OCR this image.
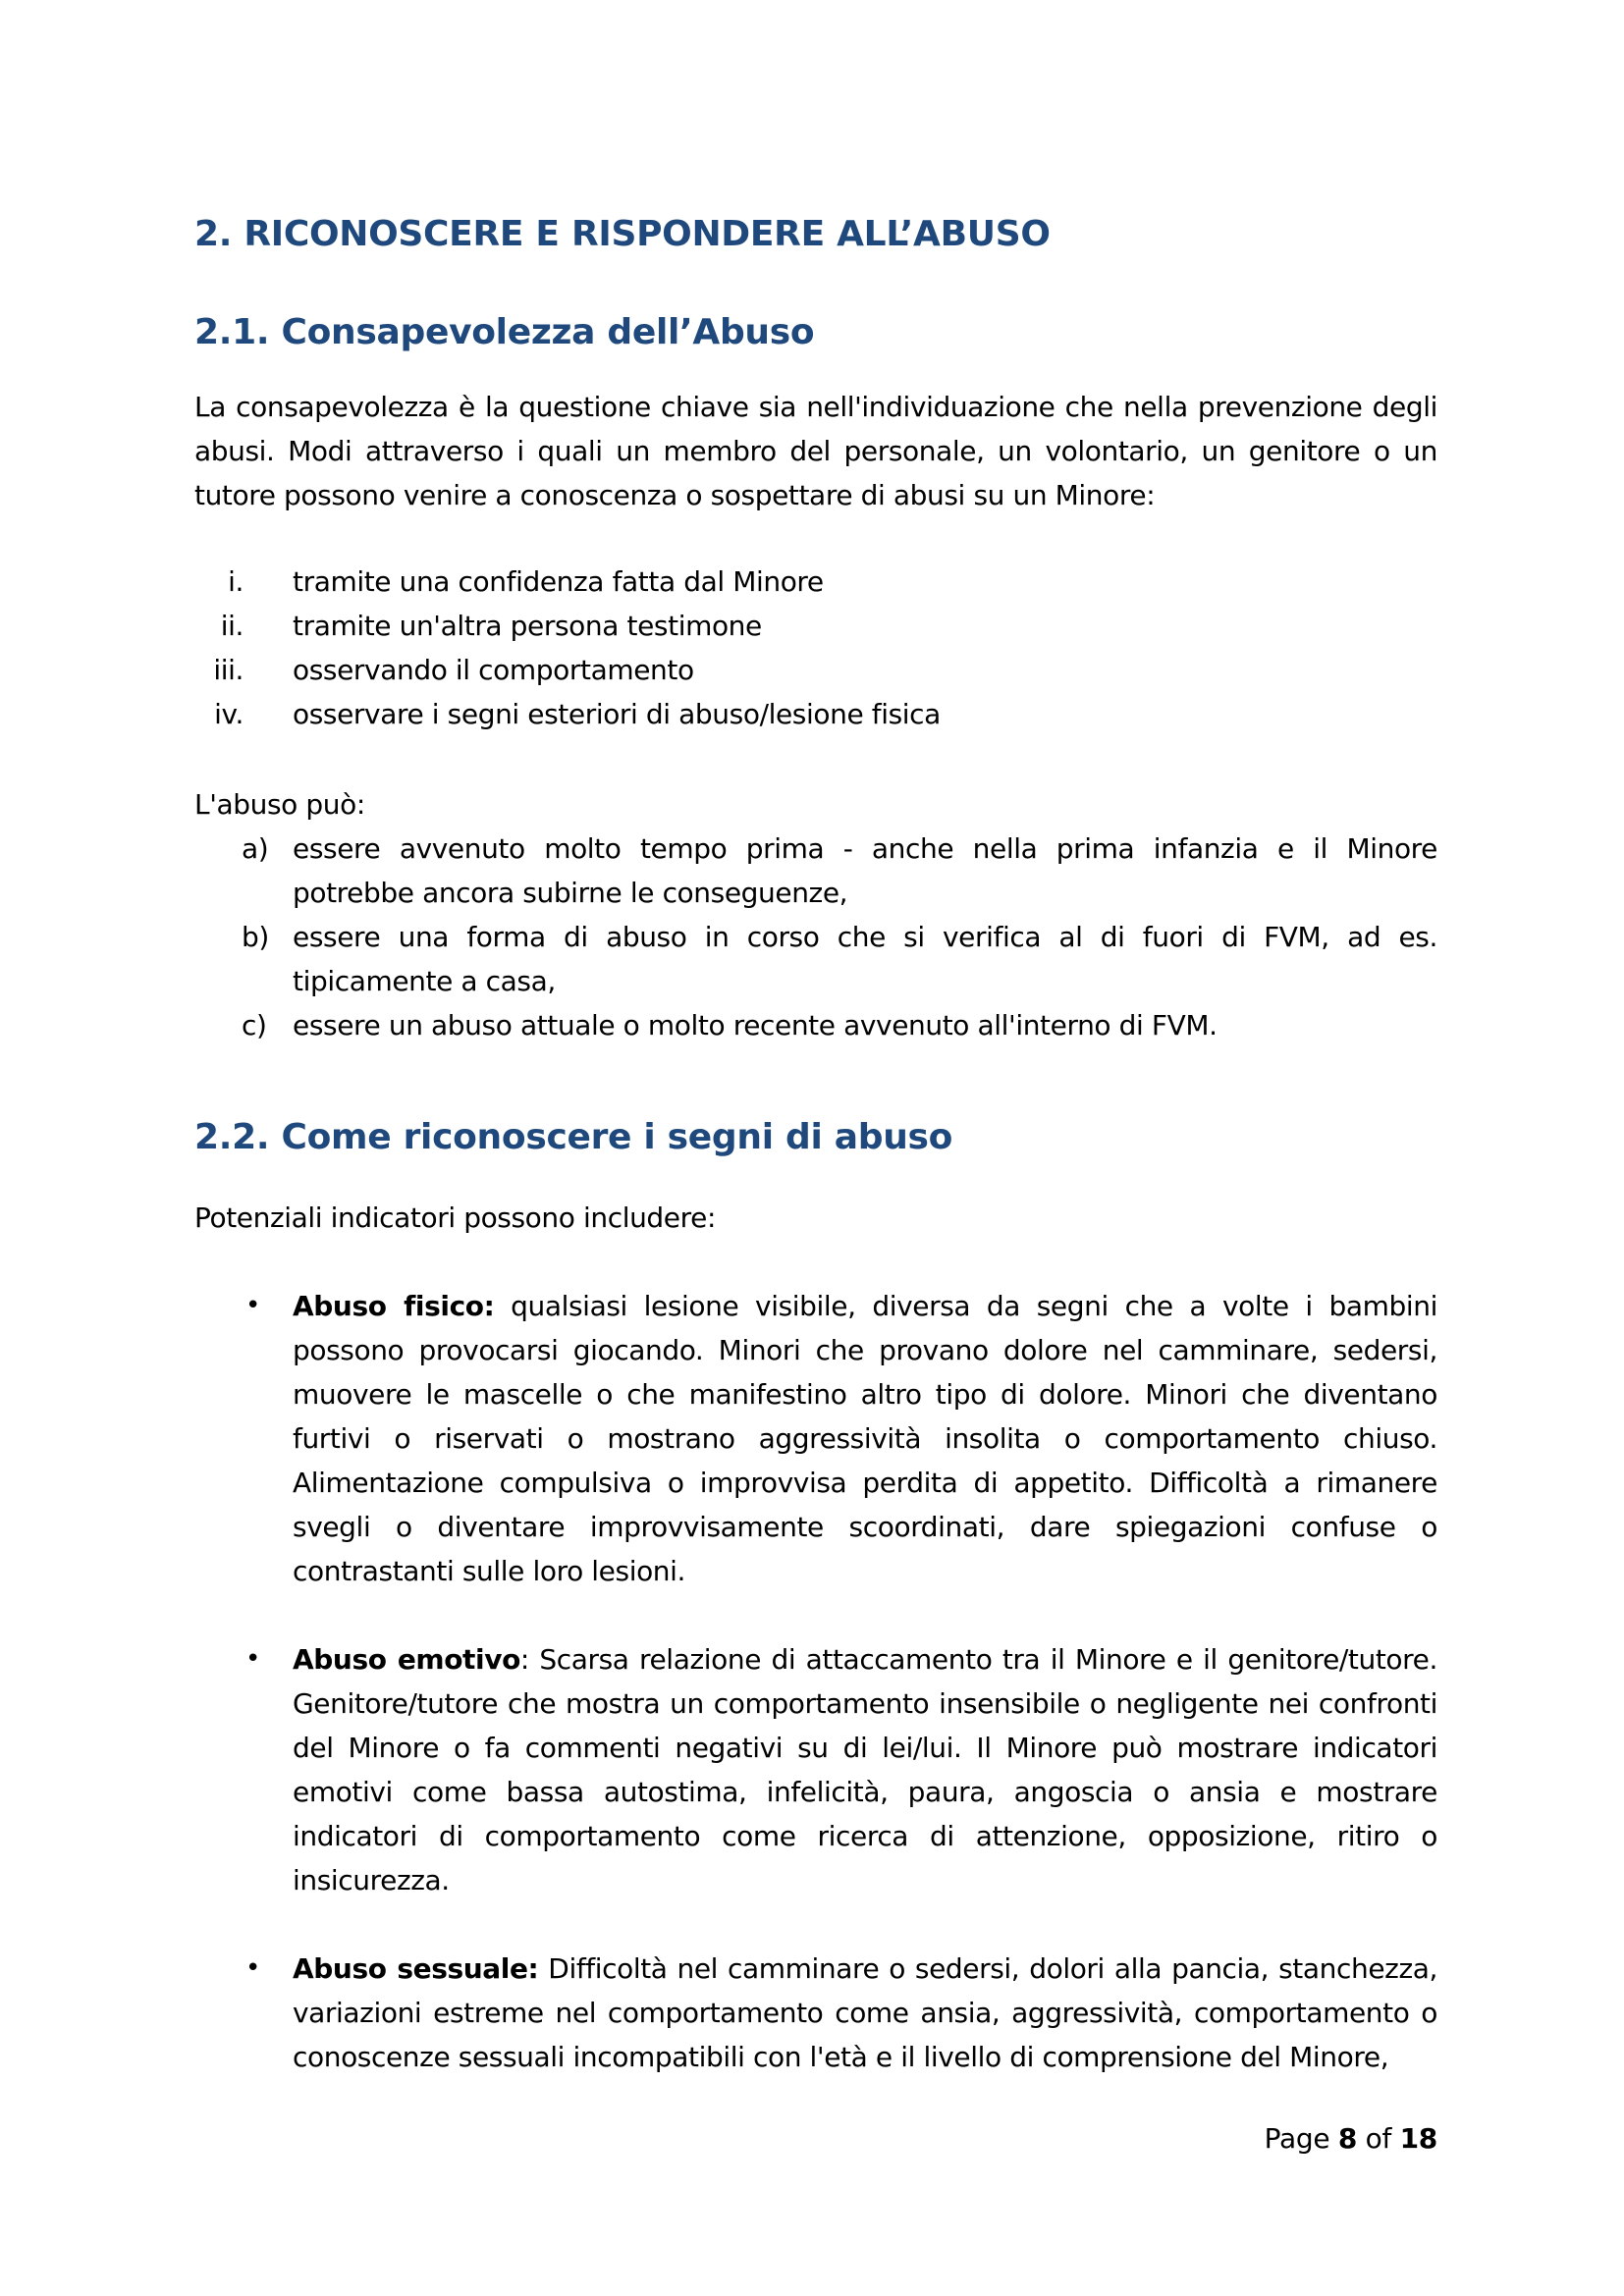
2. RICONOSCERE E RISPONDERE ALL’ABUSO
2.1. Consapevolezza dell’Abuso

La consapevolezza è la questione chiave sia nell'individuazione che nella prevenzione degli abusi. Modi attraverso i quali un membro del personale, un volontario, un genitore o un tutore possono venire a conoscenza o sospettare di abusi su un Minore:

i. tramite una confidenza fatta dal Minore
ii. tramite un'altra persona testimone
iii. osservando il comportamento
iv. osservare i segni esteriori di abuso/lesione fisica

L'abuso può:

a) essere avvenuto molto tempo prima - anche nella prima infanzia e il Minore potrebbe ancora subirne le conseguenze,
b) essere una forma di abuso in corso che si verifica al di fuori di FVM, ad es. tipicamente a casa,
c) essere un abuso attuale o molto recente avvenuto all'interno di FVM.
2.2. Come riconoscere i segni di abuso

Potenziali indicatori possono includere:

• Abuso fisico: qualsiasi lesione visibile, diversa da segni che a volte i bambini possono provocarsi giocando. Minori che provano dolore nel camminare, sedersi, muovere le mascelle o che manifestino altro tipo di dolore. Minori che diventano furtivi o riservati o mostrano aggressività insolita o comportamento chiuso. Alimentazione compulsiva o improvvisa perdita di appetito. Difficoltà a rimanere svegli o diventare improvvisamente scoordinati, dare spiegazioni confuse o contrastanti sulle loro lesioni.
• Abuso emotivo: Scarsa relazione di attaccamento tra il Minore e il genitore/tutore. Genitore/tutore che mostra un comportamento insensibile o negligente nei confronti del Minore o fa commenti negativi su di lei/lui. Il Minore può mostrare indicatori emotivi come bassa autostima, infelicità, paura, angoscia o ansia e mostrare indicatori di comportamento come ricerca di attenzione, opposizione, ritiro o insicurezza.
• Abuso sessuale: Difficoltà nel camminare o sedersi, dolori alla pancia, stanchezza, variazioni estreme nel comportamento come ansia, aggressività, comportamento o conoscenze sessuali incompatibili con l'età e il livello di comprensione del Minore,
Page 8 of 18
